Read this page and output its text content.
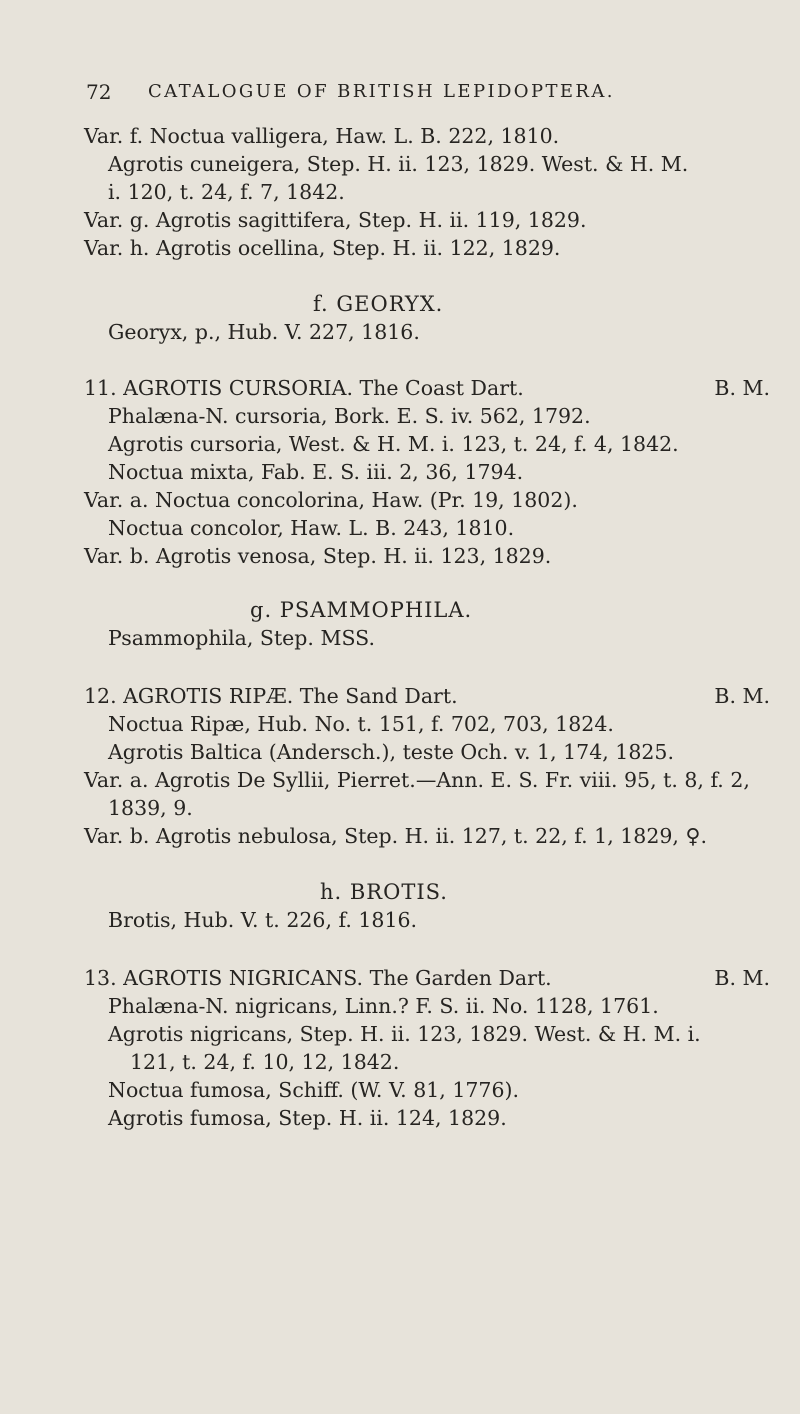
72 CATALOGUE OF BRITISH LEPIDOPTERA.
Var. f. Noctua valligera, Haw. L. B. 222, 1810.
Agrotis cuneigera, Step. H. ii. 123, 1829. West. & H. M.
i. 120, t. 24, f. 7, 1842.
Var. g. Agrotis sagittifera, Step. H. ii. 119, 1829.
Var. h. Agrotis ocellina, Step. H. ii. 122, 1829.
f. GEORYX.
Georyx, p., Hub. V. 227, 1816.
11. AGROTIS CURSORIA. The Coast Dart.	B. M.
Phalæna-N. cursoria, Bork. E. S. iv. 562, 1792.
Agrotis cursoria, West. & H. M. i. 123, t. 24, f. 4, 1842.
Noctua mixta, Fab. E. S. iii. 2, 36, 1794.
Var. a. Noctua concolorina, Haw. (Pr. 19, 1802).
Noctua concolor, Haw. L. B. 243, 1810.
Var. b. Agrotis venosa, Step. H. ii. 123, 1829.
g. PSAMMOPHILA.
Psammophila, Step. MSS.
12. AGROTIS RIPÆ. The Sand Dart.	B. M.
Noctua Ripæ, Hub. No. t. 151, f. 702, 703, 1824.
Agrotis Baltica (Andersch.), teste Och. v. 1, 174, 1825.
Var. a. Agrotis De Syllii, Pierret.—Ann. E. S. Fr. viii. 95, t. 8, f. 2,
1839, 9.
Var. b. Agrotis nebulosa, Step. H. ii. 127, t. 22, f. 1, 1829, ♀.
h. BROTIS.
Brotis, Hub. V. t. 226, f. 1816.
13. AGROTIS NIGRICANS. The Garden Dart.	B. M.
Phalæna-N. nigricans, Linn.? F. S. ii. No. 1128, 1761.
Agrotis nigricans, Step. H. ii. 123, 1829. West. & H. M. i.
121, t. 24, f. 10, 12, 1842.
Noctua fumosa, Schiff. (W. V. 81, 1776).
Agrotis fumosa, Step. H. ii. 124, 1829.
